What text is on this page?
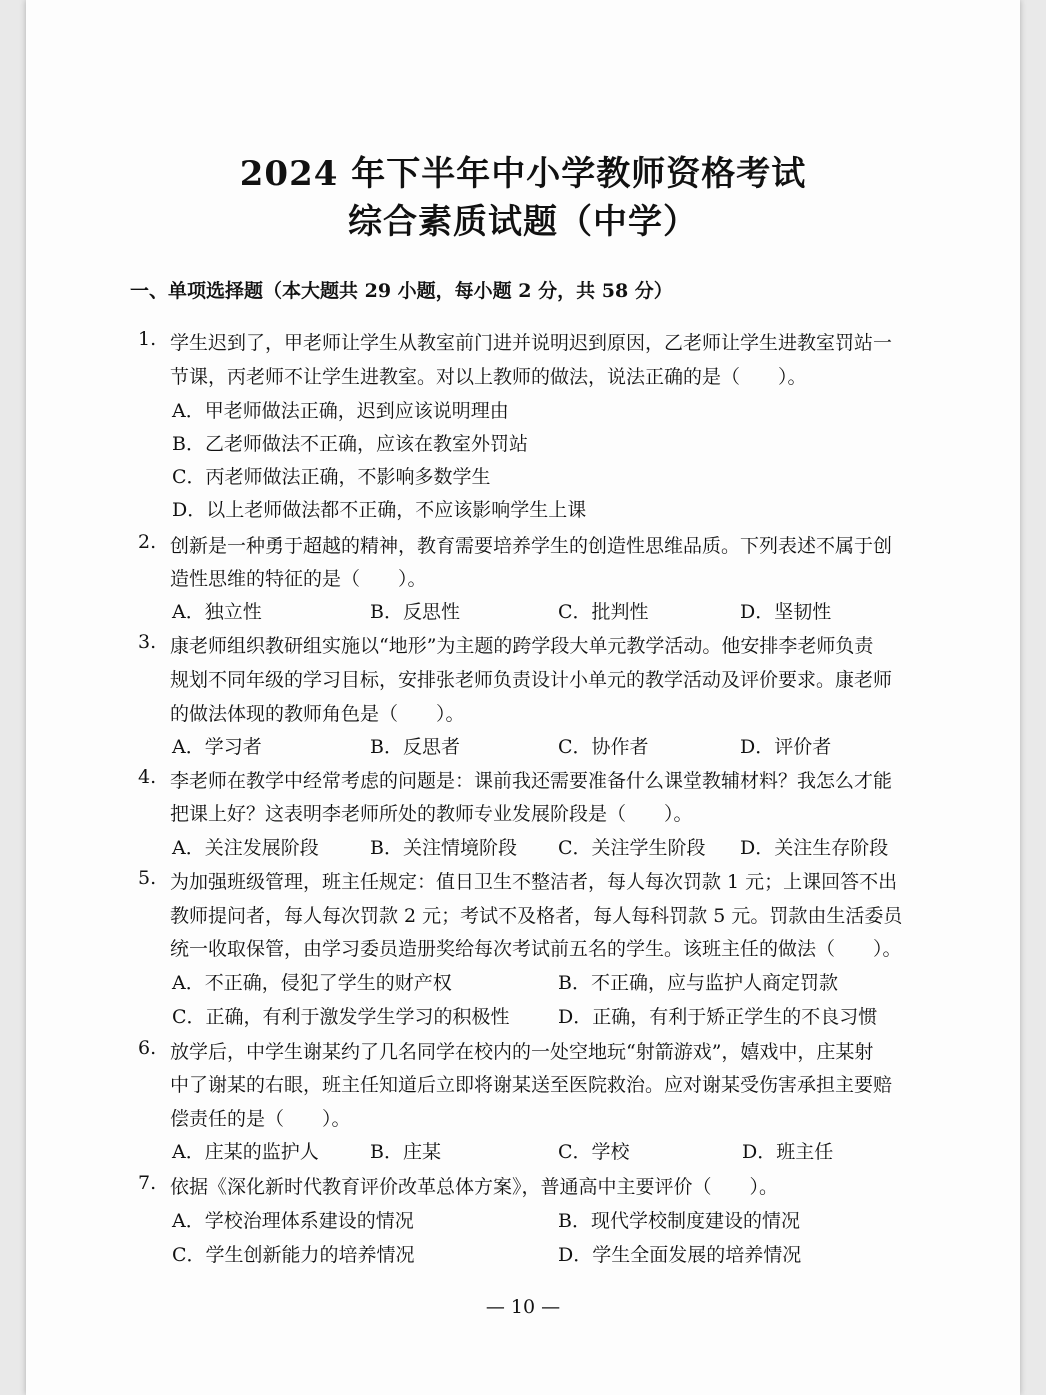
2024 年下半年中小学教师资格考试
综合素质试题（中学）
一、单项选择题（本大题共 29 小题，每小题 2 分，共 58 分）
1. 学生迟到了，甲老师让学生从教室前门进并说明迟到原因，乙老师让学生进教室罚站一
节课，丙老师不让学生进教室。对以上教师的做法，说法正确的是（　　）。
A．甲老师做法正确，迟到应该说明理由
B．乙老师做法不正确，应该在教室外罚站
C．丙老师做法正确，不影响多数学生
D．以上老师做法都不正确，不应该影响学生上课
2. 创新是一种勇于超越的精神，教育需要培养学生的创造性思维品质。下列表述不属于创
造性思维的特征的是（　　）。
A．独立性	B．反思性	C．批判性	D．坚韧性
3. 康老师组织教研组实施以“地形”为主题的跨学段大单元教学活动。他安排李老师负责
规划不同年级的学习目标，安排张老师负责设计小单元的教学活动及评价要求。康老师
的做法体现的教师角色是（　　）。
A．学习者	B．反思者	C．协作者	D．评价者
4. 李老师在教学中经常考虑的问题是：课前我还需要准备什么课堂教辅材料？我怎么才能
把课上好？这表明李老师所处的教师专业发展阶段是（　　）。
A．关注发展阶段	B．关注情境阶段 C．关注学生阶段 D．关注生存阶段
5. 为加强班级管理，班主任规定：值日卫生不整洁者，每人每次罚款 1 元；上课回答不出
教师提问者，每人每次罚款 2 元；考试不及格者，每人每科罚款 5 元。罚款由生活委员
统一收取保管，由学习委员造册奖给每次考试前五名的学生。该班主任的做法（　　）。
A．不正确，侵犯了学生的财产权	B．不正确，应与监护人商定罚款
C．正确，有利于激发学生学习的积极性	D．正确，有利于矫正学生的不良习惯
6. 放学后，中学生谢某约了几名同学在校内的一处空地玩“射箭游戏”，嬉戏中，庄某射
中了谢某的右眼，班主任知道后立即将谢某送至医院救治。应对谢某受伤害承担主要赔
偿责任的是（　　）。
A．庄某的监护人	B．庄某	C．学校	D．班主任
7. 依据《深化新时代教育评价改革总体方案》，普通高中主要评价（　　）。
A．学校治理体系建设的情况	B．现代学校制度建设的情况
C．学生创新能力的培养情况	D．学生全面发展的培养情况
— 10 —
